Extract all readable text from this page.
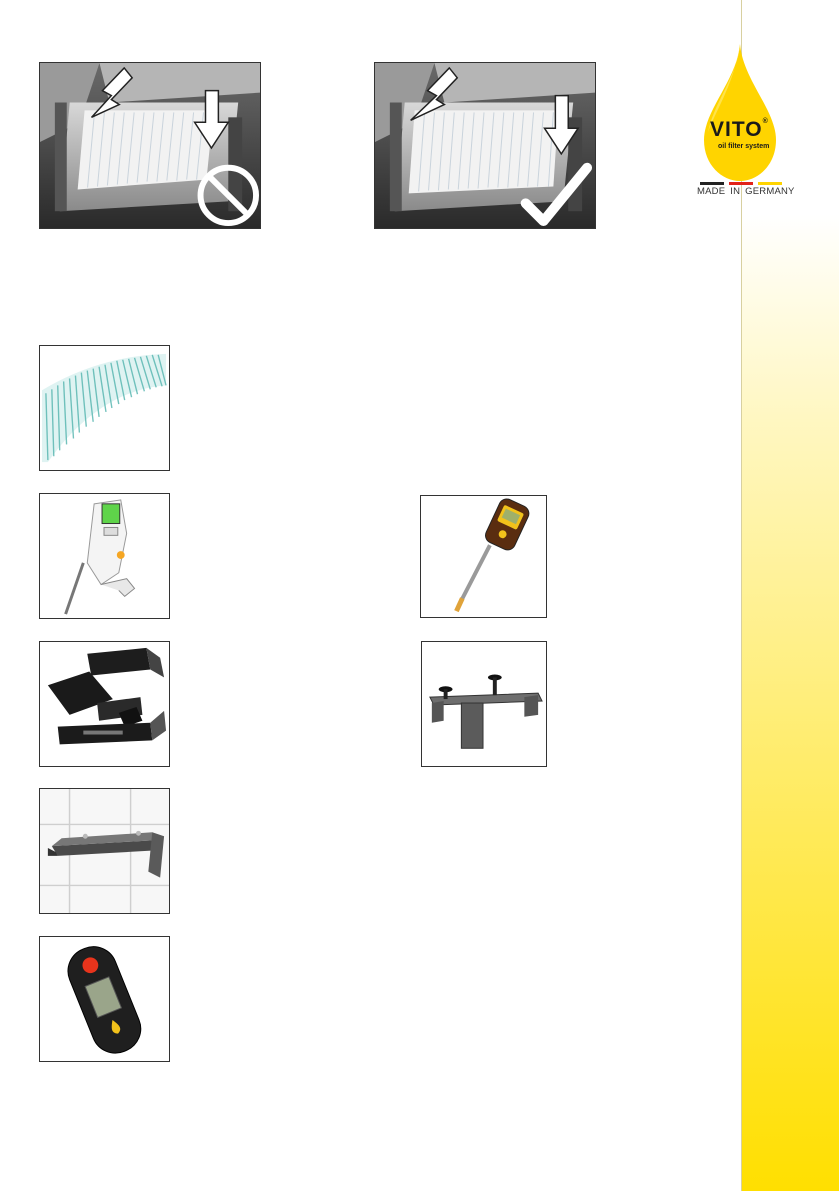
VITO®
oil filter system
MADE IN GERMANY
